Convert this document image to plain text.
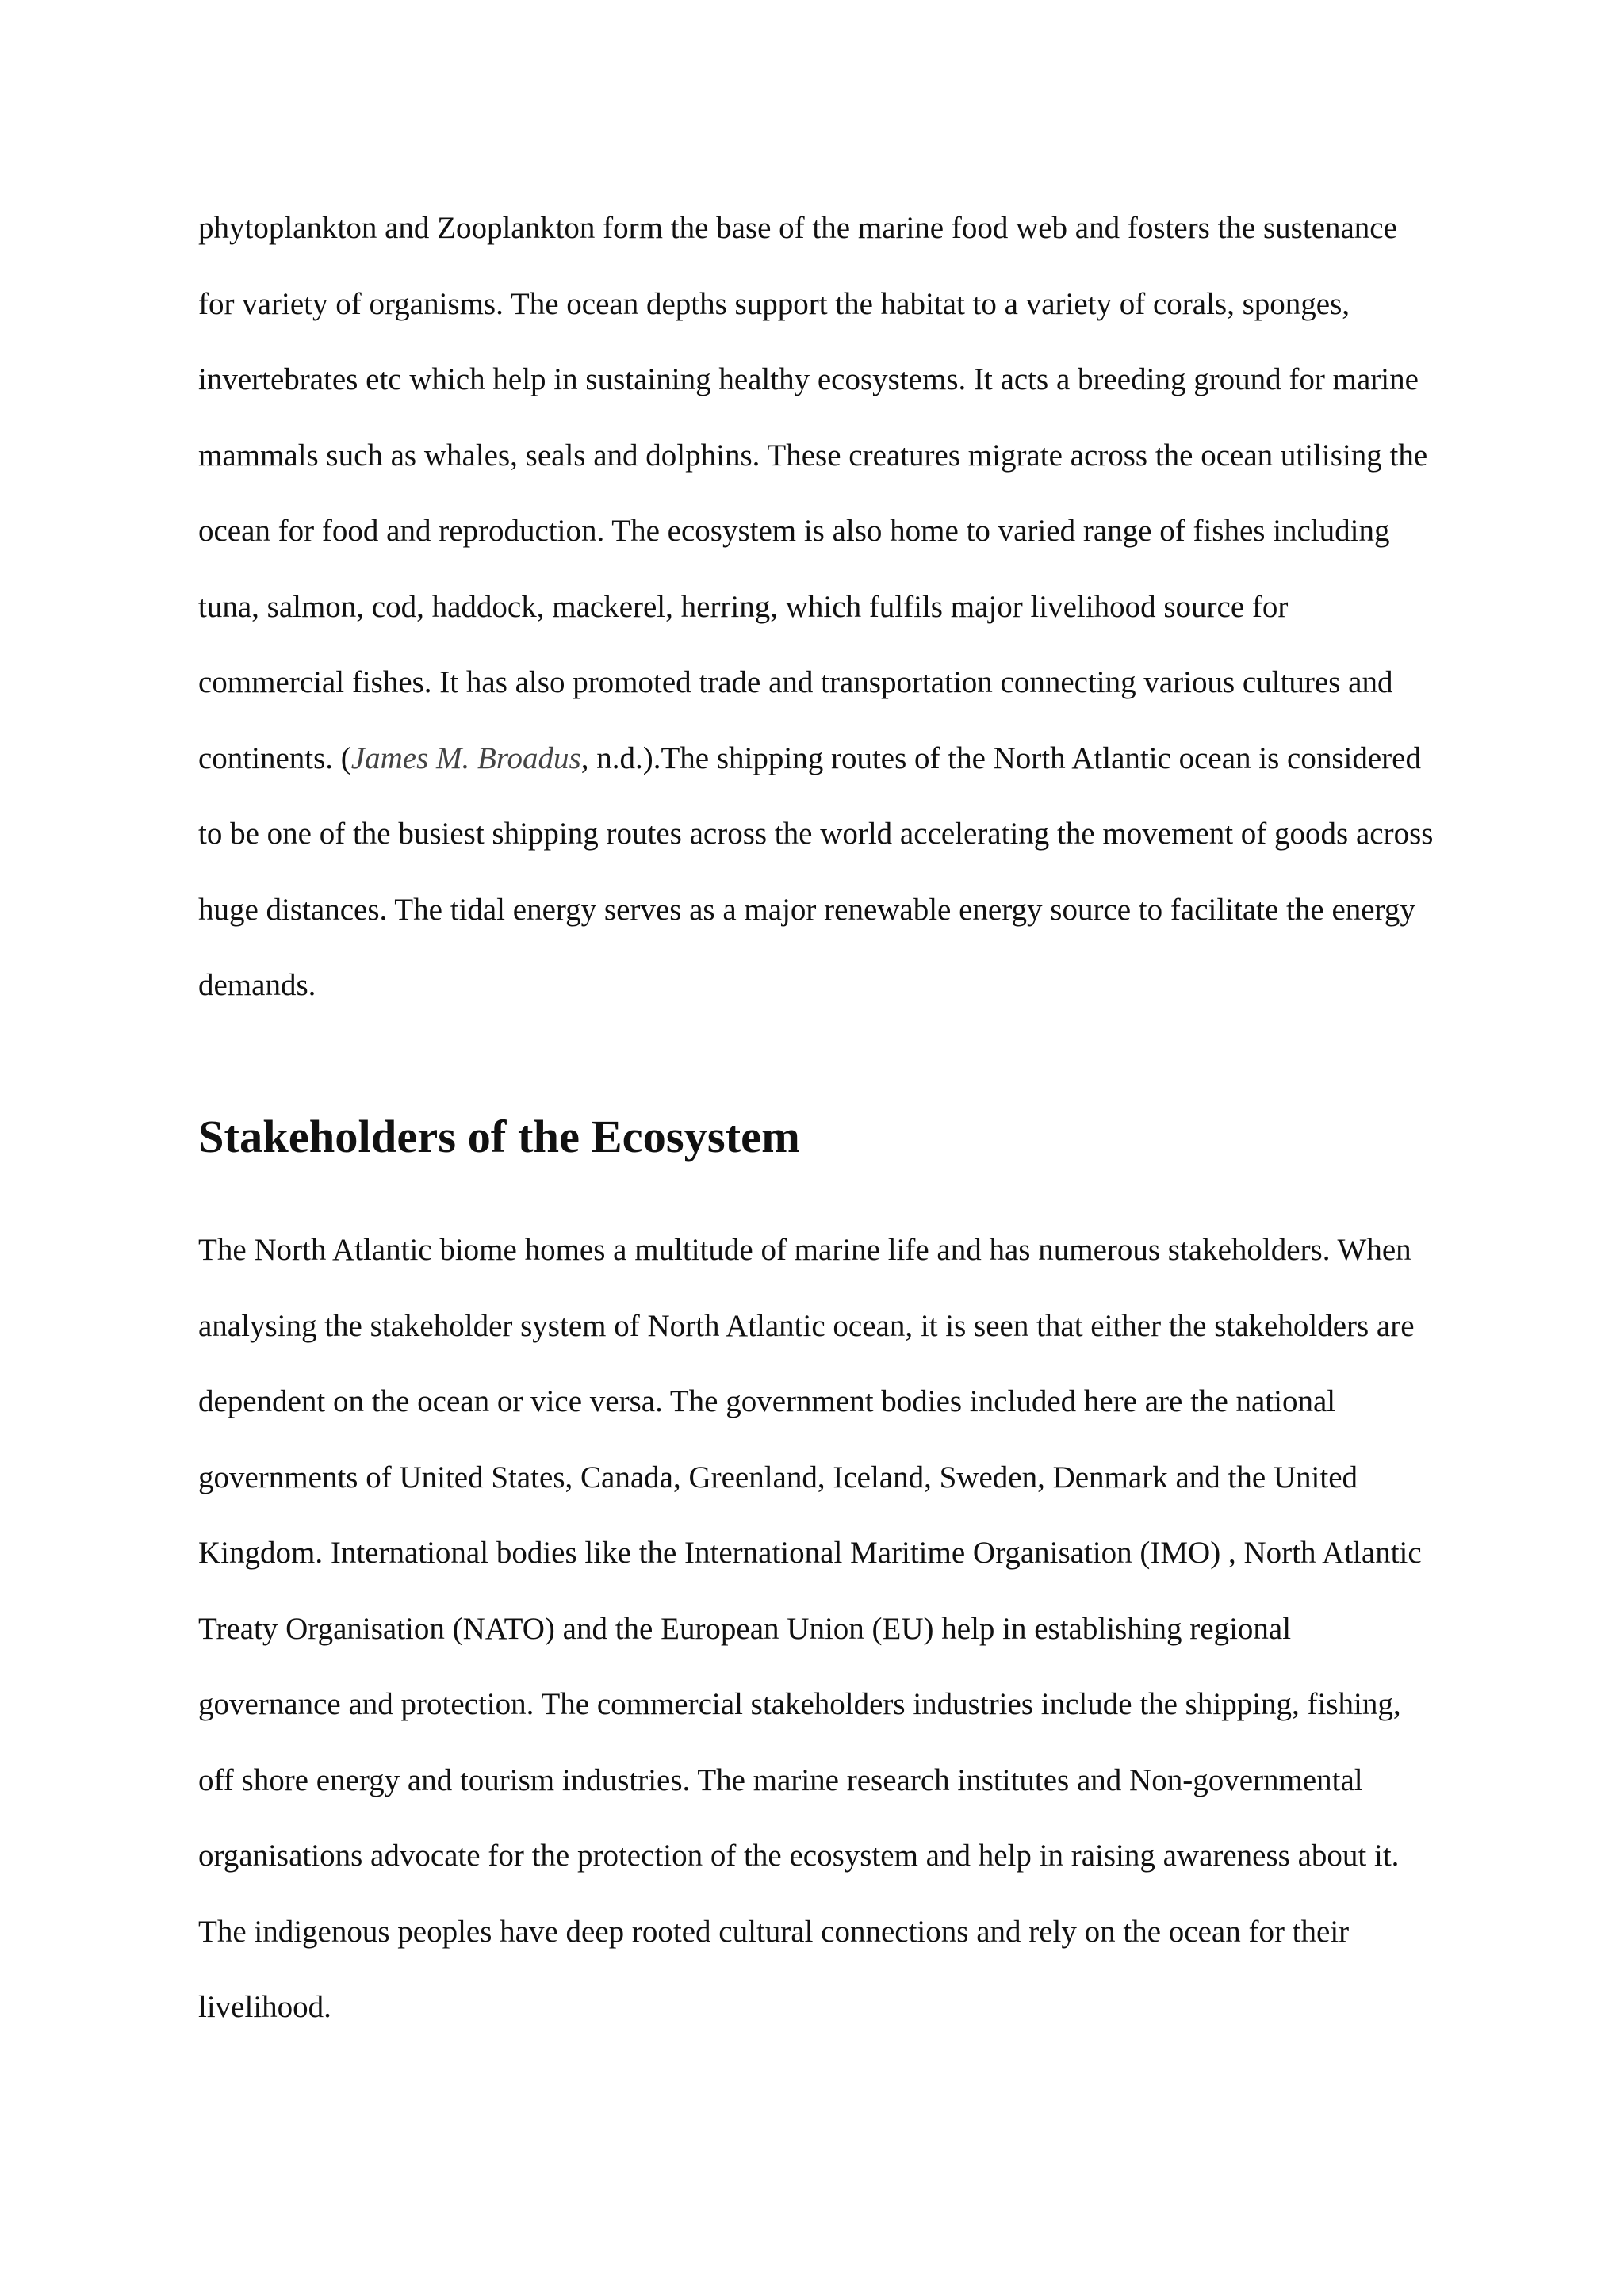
phytoplankton and Zooplankton form the base of the marine food web and fosters the sustenance for variety of organisms. The ocean depths support the habitat to a variety of corals, sponges, invertebrates etc which help in sustaining healthy ecosystems. It acts a breeding ground for marine mammals such as whales, seals and dolphins. These creatures migrate across the ocean utilising the ocean for food and reproduction. The ecosystem is also home to varied range of fishes including tuna, salmon, cod, haddock, mackerel, herring, which fulfils major livelihood source for commercial fishes. It has also promoted trade and transportation connecting various cultures and continents. (James M. Broadus, n.d.).The shipping routes of the North Atlantic ocean is considered to be one of the busiest shipping routes across the world accelerating the movement of goods across huge distances. The tidal energy serves as a major renewable energy source to facilitate the energy demands.

Stakeholders of the Ecosystem

The North Atlantic biome homes a multitude of marine life and has numerous stakeholders. When analysing the stakeholder system of North Atlantic ocean, it is seen that either the stakeholders are dependent on the ocean or vice versa. The government bodies included here are the national governments of United States, Canada, Greenland, Iceland, Sweden, Denmark and the United Kingdom. International bodies like the International Maritime Organisation (IMO) , North Atlantic Treaty Organisation (NATO) and the European Union (EU) help in establishing regional governance and protection. The commercial stakeholders industries include the shipping, fishing, off shore energy and tourism industries. The marine research institutes and Non-governmental organisations advocate for the protection of the ecosystem and help in raising awareness about it. The indigenous peoples have deep rooted cultural connections and rely on the ocean for their livelihood.
